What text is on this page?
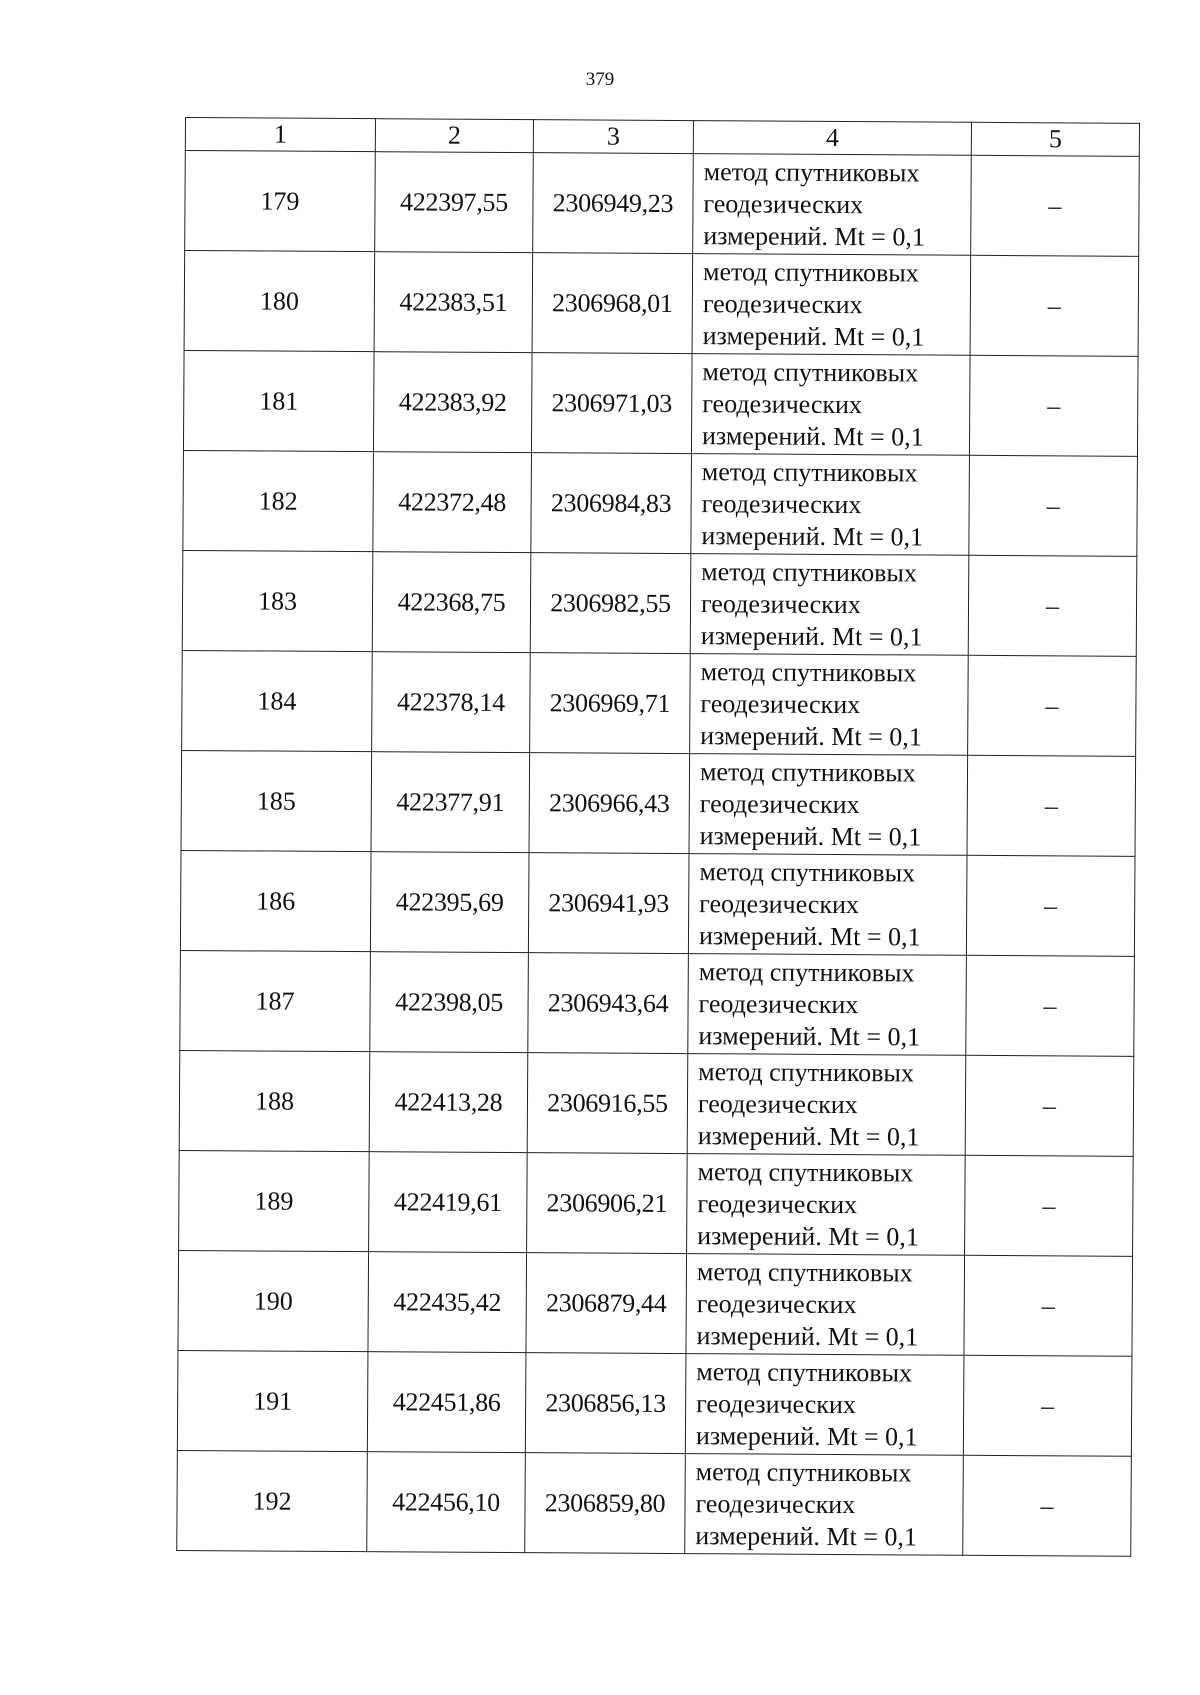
379
1	2	3	4	5
179	422397,55	2306949,23	метод спутниковых
геодезических
измерений. Mt = 0,1	–
180	422383,51	2306968,01	метод спутниковых
геодезических
измерений. Mt = 0,1	–
181	422383,92	2306971,03	метод спутниковых
геодезических
измерений. Mt = 0,1	–
182	422372,48	2306984,83	метод спутниковых
геодезических
измерений. Mt = 0,1	–
183	422368,75	2306982,55	метод спутниковых
геодезических
измерений. Mt = 0,1	–
184	422378,14	2306969,71	метод спутниковых
геодезических
измерений. Mt = 0,1	–
185	422377,91	2306966,43	метод спутниковых
геодезических
измерений. Mt = 0,1	–
186	422395,69	2306941,93	метод спутниковых
геодезических
измерений. Mt = 0,1	–
187	422398,05	2306943,64	метод спутниковых
геодезических
измерений. Mt = 0,1	–
188	422413,28	2306916,55	метод спутниковых
геодезических
измерений. Mt = 0,1	–
189	422419,61	2306906,21	метод спутниковых
геодезических
измерений. Mt = 0,1	–
190	422435,42	2306879,44	метод спутниковых
геодезических
измерений. Mt = 0,1	–
191	422451,86	2306856,13	метод спутниковых
геодезических
измерений. Mt = 0,1	–
192	422456,10	2306859,80	метод спутниковых
геодезических
измерений. Mt = 0,1	–
